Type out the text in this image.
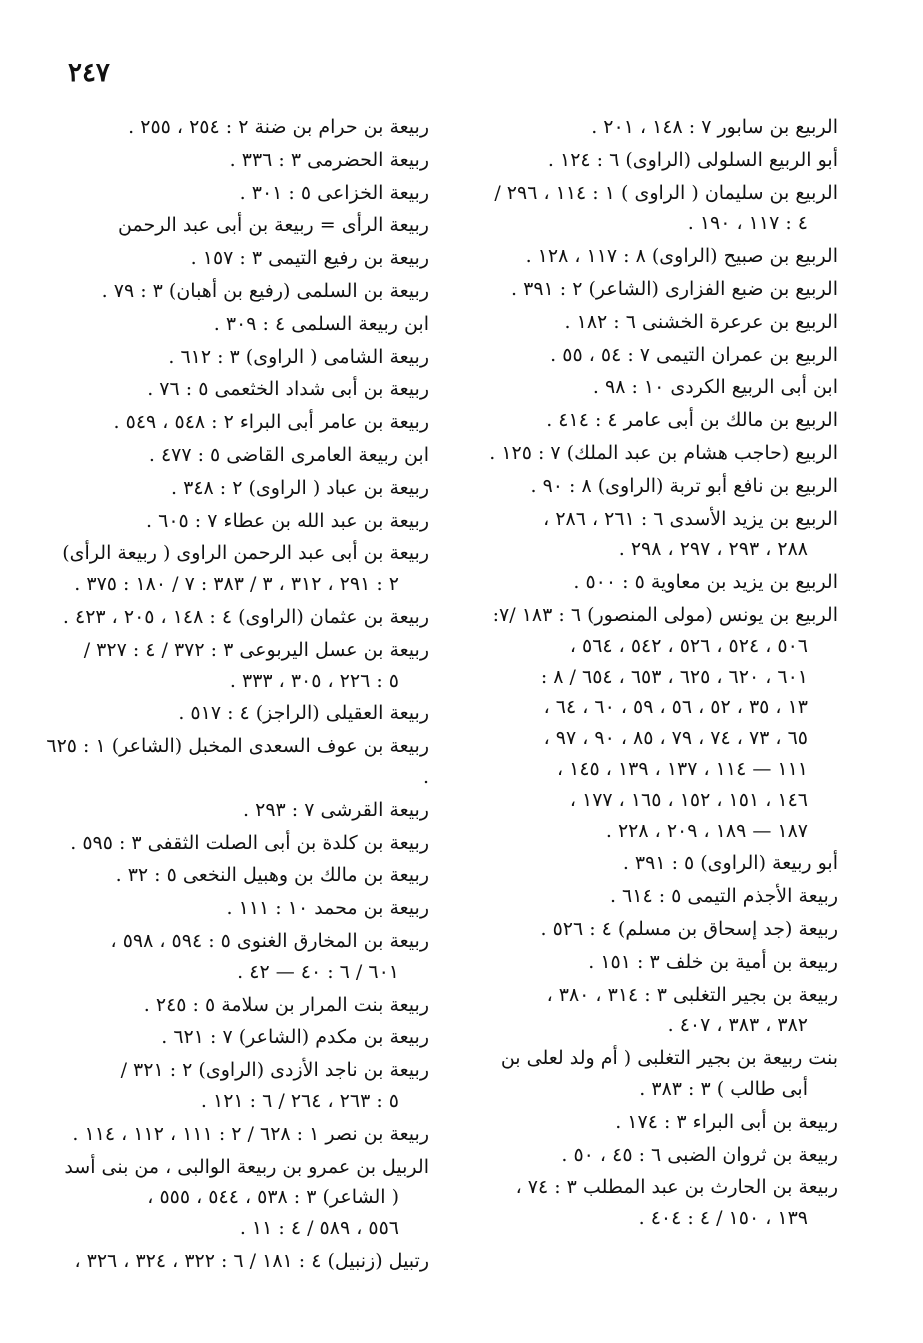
٢٤٧
الربيع بن سابور ٧ : ١٤٨ ، ٢٠١ .
أبو الربيع السلولى (الراوى) ٦ : ١٢٤ .
الربيع بن سليمان ( الراوى ) ١ : ١١٤ ، ٢٩٦ /
٤ : ١١٧ ، ١٩٠ .
الربيع بن صبيح (الراوى) ٨ : ١١٧ ، ١٢٨ .
الربيع بن ضبع الفزارى (الشاعر) ٢ : ٣٩١ .
الربيع بن عرعرة الخشنى ٦ : ١٨٢ .
الربيع بن عمران التيمى ٧ : ٥٤ ، ٥٥ .
ابن أبى الربيع الكردى ١٠ : ٩٨ .
الربيع بن مالك بن أبى عامر ٤ : ٤١٤ .
الربيع (حاجب هشام بن عبد الملك) ٧ : ١٢٥ .
الربيع بن نافع أبو تربة (الراوى) ٨ : ٩٠ .
الربيع بن يزيد الأسدى ٦ : ٢٦١ ، ٢٨٦ ،
٢٨٨ ، ٢٩٣ ، ٢٩٧ ، ٢٩٨ .
الربيع بن يزيد بن معاوية ٥ : ٥٠٠ .
الربيع بن يونس (مولى المنصور) ٦ : ١٨٣ /٧:
٥٠٦ ، ٥٢٤ ، ٥٢٦ ، ٥٤٢ ، ٥٦٤ ،
٦٠١ ، ٦٢٠ ، ٦٢٥ ، ٦٥٣ ، ٦٥٤ / ٨ :
١٣ ، ٣٥ ، ٥٢ ، ٥٦ ، ٥٩ ، ٦٠ ، ٦٤ ،
٦٥ ، ٧٣ ، ٧٤ ، ٧٩ ، ٨٥ ، ٩٠ ، ٩٧ ،
١١١ — ١١٤ ، ١٣٧ ، ١٣٩ ، ١٤٥ ،
١٤٦ ، ١٥١ ، ١٥٢ ، ١٦٥ ، ١٧٧ ،
١٨٧ — ١٨٩ ، ٢٠٩ ، ٢٢٨ .
أبو ربيعة (الراوى) ٥ : ٣٩١ .
ربيعة الأجذم التيمى ٥ : ٦١٤ .
ربيعة (جد إسحاق بن مسلم) ٤ : ٥٢٦ .
ربيعة بن أمية بن خلف ٣ : ١٥١ .
ربيعة بن بجير التغلبى ٣ : ٣١٤ ، ٣٨٠ ،
٣٨٢ ، ٣٨٣ ، ٤٠٧ .
بنت ربيعة بن بجير التغلبى ( أم ولد لعلى بن
أبى طالب ) ٣ : ٣٨٣ .
ربيعة بن أبى البراء ٣ : ١٧٤ .
ربيعة بن ثروان الضبى ٦ : ٤٥ ، ٥٠ .
ربيعة بن الحارث بن عبد المطلب ٣ : ٧٤ ،
١٣٩ ، ١٥٠ / ٤ : ٤٠٤ .
ربيعة بن حرام بن ضنة ٢ : ٢٥٤ ، ٢٥٥ .
ربيعة الحضرمى ٣ : ٣٣٦ .
ربيعة الخزاعى ٥ : ٣٠١ .
ربيعة الرأى = ربيعة بن أبى عبد الرحمن
ربيعة بن رفيع التيمى ٣ : ١٥٧ .
ربيعة بن السلمى (رفيع بن أهبان) ٣ : ٧٩ .
ابن ربيعة السلمى ٤ : ٣٠٩ .
ربيعة الشامى ( الراوى) ٣ : ٦١٢ .
ربيعة بن أبى شداد الخثعمى ٥ : ٧٦ .
ربيعة بن عامر أبى البراء ٢ : ٥٤٨ ، ٥٤٩ .
ابن ربيعة العامرى القاضى ٥ : ٤٧٧ .
ربيعة بن عباد ( الراوى) ٢ : ٣٤٨ .
ربيعة بن عبد الله بن عطاء ٧ : ٦٠٥ .
ربيعة بن أبى عبد الرحمن الراوى ( ربيعة الرأى)
٢ : ٢٩١ ، ٣١٢ ، ٣ / ٣٨٣ : ٧ / ١٨٠ : ٣٧٥ .
ربيعة بن عثمان (الراوى) ٤ : ١٤٨ ، ٢٠٥ ، ٤٢٣ .
ربيعة بن عسل اليربوعى ٣ : ٣٧٢ / ٤ : ٣٢٧ /
٥ : ٢٢٦ ، ٣٠٥ ، ٣٣٣ .
ربيعة العقيلى (الراجز) ٤ : ٥١٧ .
ربيعة بن عوف السعدى المخبل (الشاعر) ١ : ٦٢٥ .
ربيعة القرشى ٧ : ٢٩٣ .
ربيعة بن كلدة بن أبى الصلت الثقفى ٣ : ٥٩٥ .
ربيعة بن مالك بن وهبيل النخعى ٥ : ٣٢ .
ربيعة بن محمد ١٠ : ١١١ .
ربيعة بن المخارق الغنوى ٥ : ٥٩٤ ، ٥٩٨ ،
٦٠١ / ٦ : ٤٠ — ٤٢ .
ربيعة بنت المرار بن سلامة ٥ : ٢٤٥ .
ربيعة بن مكدم (الشاعر) ٧ : ٦٢١ .
ربيعة بن ناجد الأزدى (الراوى) ٢ : ٣٢١ /
٥ : ٢٦٣ ، ٢٦٤ / ٦ : ١٢١ .
ربيعة بن نصر ١ : ٦٢٨ / ٢ : ١١١ ، ١١٢ ، ١١٤ .
الربيل بن عمرو بن ربيعة الوالبى ، من بنى أسد
( الشاعر) ٣ : ٥٣٨ ، ٥٤٤ ، ٥٥٥ ،
٥٥٦ ، ٥٨٩ / ٤ : ١١ .
رتبيل (زنبيل) ٤ : ١٨١ / ٦ : ٣٢٢ ، ٣٢٤ ، ٣٢٦ ،
